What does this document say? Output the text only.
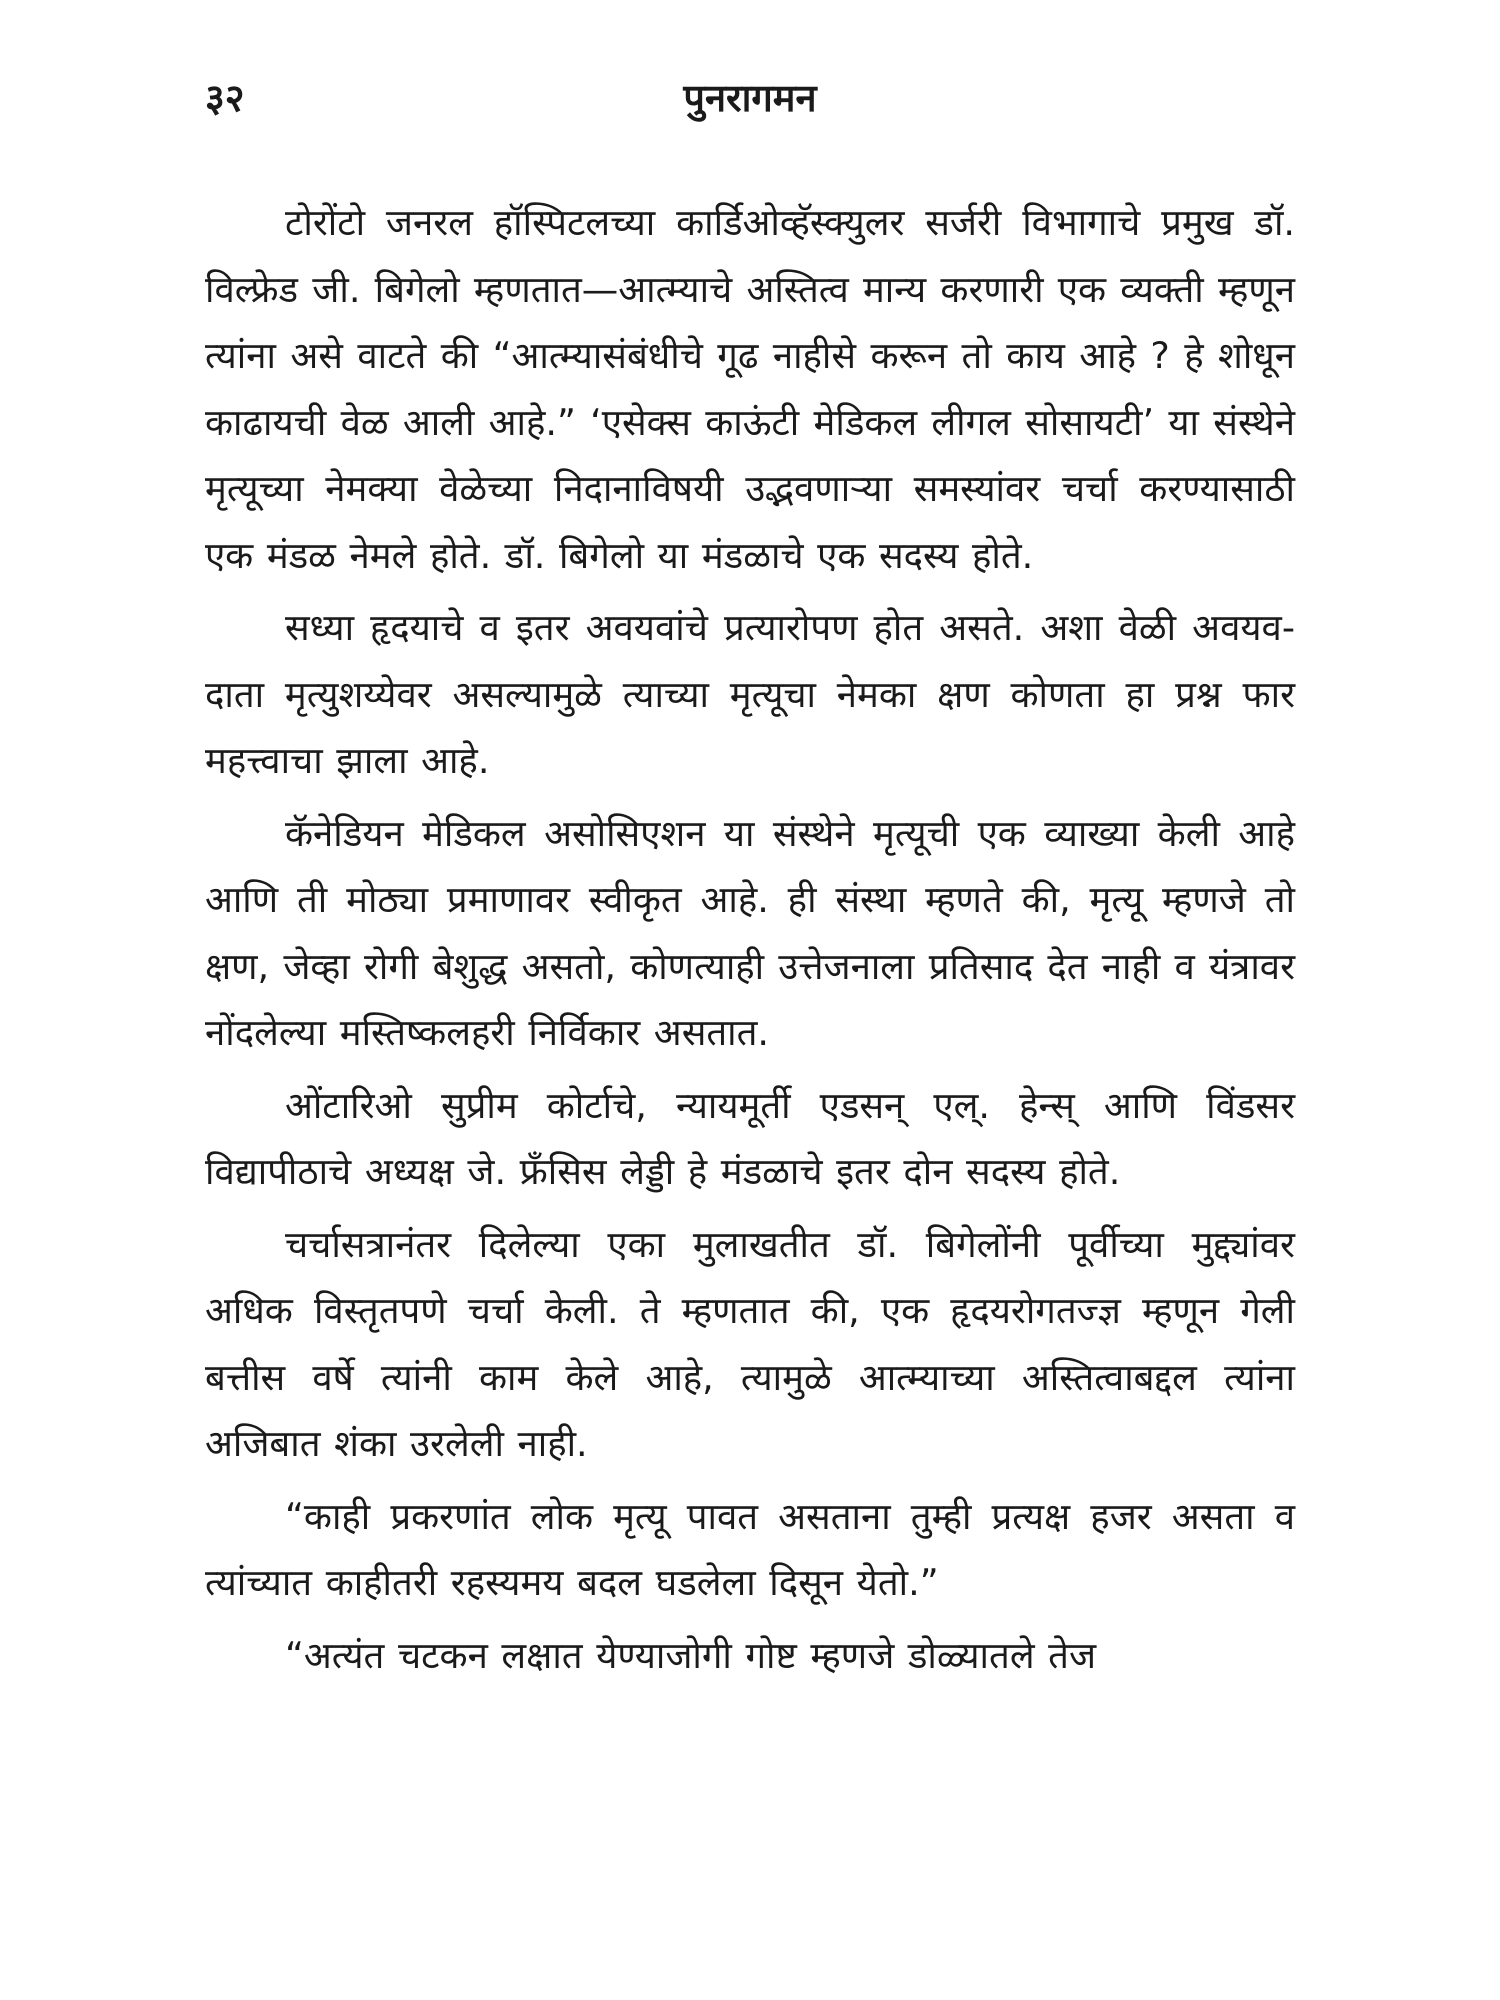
३२	पुनरागमन

टोरोंटो जनरल हॉस्पिटलच्या कार्डिओव्हॅस्क्युलर सर्जरी विभागाचे प्रमुख डॉ. विल्फ्रेड जी. बिगेलो म्हणतात—आत्म्याचे अस्तित्व मान्य करणारी एक व्यक्ती म्हणून त्यांना असे वाटते की “आत्म्यासंबंधीचे गूढ नाहीसे करून तो काय आहे ? हे शोधून काढायची वेळ आली आहे.” ‘एसेक्स काऊंटी मेडिकल लीगल सोसायटी’ या संस्थेने मृत्यूच्या नेमक्या वेळेच्या निदानाविषयी उद्भवणाऱ्या समस्यांवर चर्चा करण्यासाठी एक मंडळ नेमले होते. डॉ. बिगेलो या मंडळाचे एक सदस्य होते.

सध्या हृदयाचे व इतर अवयवांचे प्रत्यारोपण होत असते. अशा वेळी अवयव-दाता मृत्युशय्येवर असल्यामुळे त्याच्या मृत्यूचा नेमका क्षण कोणता हा प्रश्न फार महत्त्वाचा झाला आहे.

कॅनेडियन मेडिकल असोसिएशन या संस्थेने मृत्यूची एक व्याख्या केली आहे आणि ती मोठ्या प्रमाणावर स्वीकृत आहे. ही संस्था म्हणते की, मृत्यू म्हणजे तो क्षण, जेव्हा रोगी बेशुद्ध असतो, कोणत्याही उत्तेजनाला प्रतिसाद देत नाही व यंत्रावर नोंदलेल्या मस्तिष्कलहरी निर्विकार असतात.

ओंटारिओ सुप्रीम कोर्टाचे, न्यायमूर्ती एडसन् एल्. हेन्स् आणि विंडसर विद्यापीठाचे अध्यक्ष जे. फ्रँसिस लेड्डी हे मंडळाचे इतर दोन सदस्य होते.

चर्चासत्रानंतर दिलेल्या एका मुलाखतीत डॉ. बिगेलोंनी पूर्वीच्या मुद्द्यांवर अधिक विस्तृतपणे चर्चा केली. ते म्हणतात की, एक हृदयरोगतज्ज्ञ म्हणून गेली बत्तीस वर्षे त्यांनी काम केले आहे, त्यामुळे आत्म्याच्या अस्तित्वाबद्दल त्यांना अजिबात शंका उरलेली नाही.

“काही प्रकरणांत लोक मृत्यू पावत असताना तुम्ही प्रत्यक्ष हजर असता व त्यांच्यात काहीतरी रहस्यमय बदल घडलेला दिसून येतो.”

“अत्यंत चटकन लक्षात येण्याजोगी गोष्ट म्हणजे डोळ्यातले तेज
